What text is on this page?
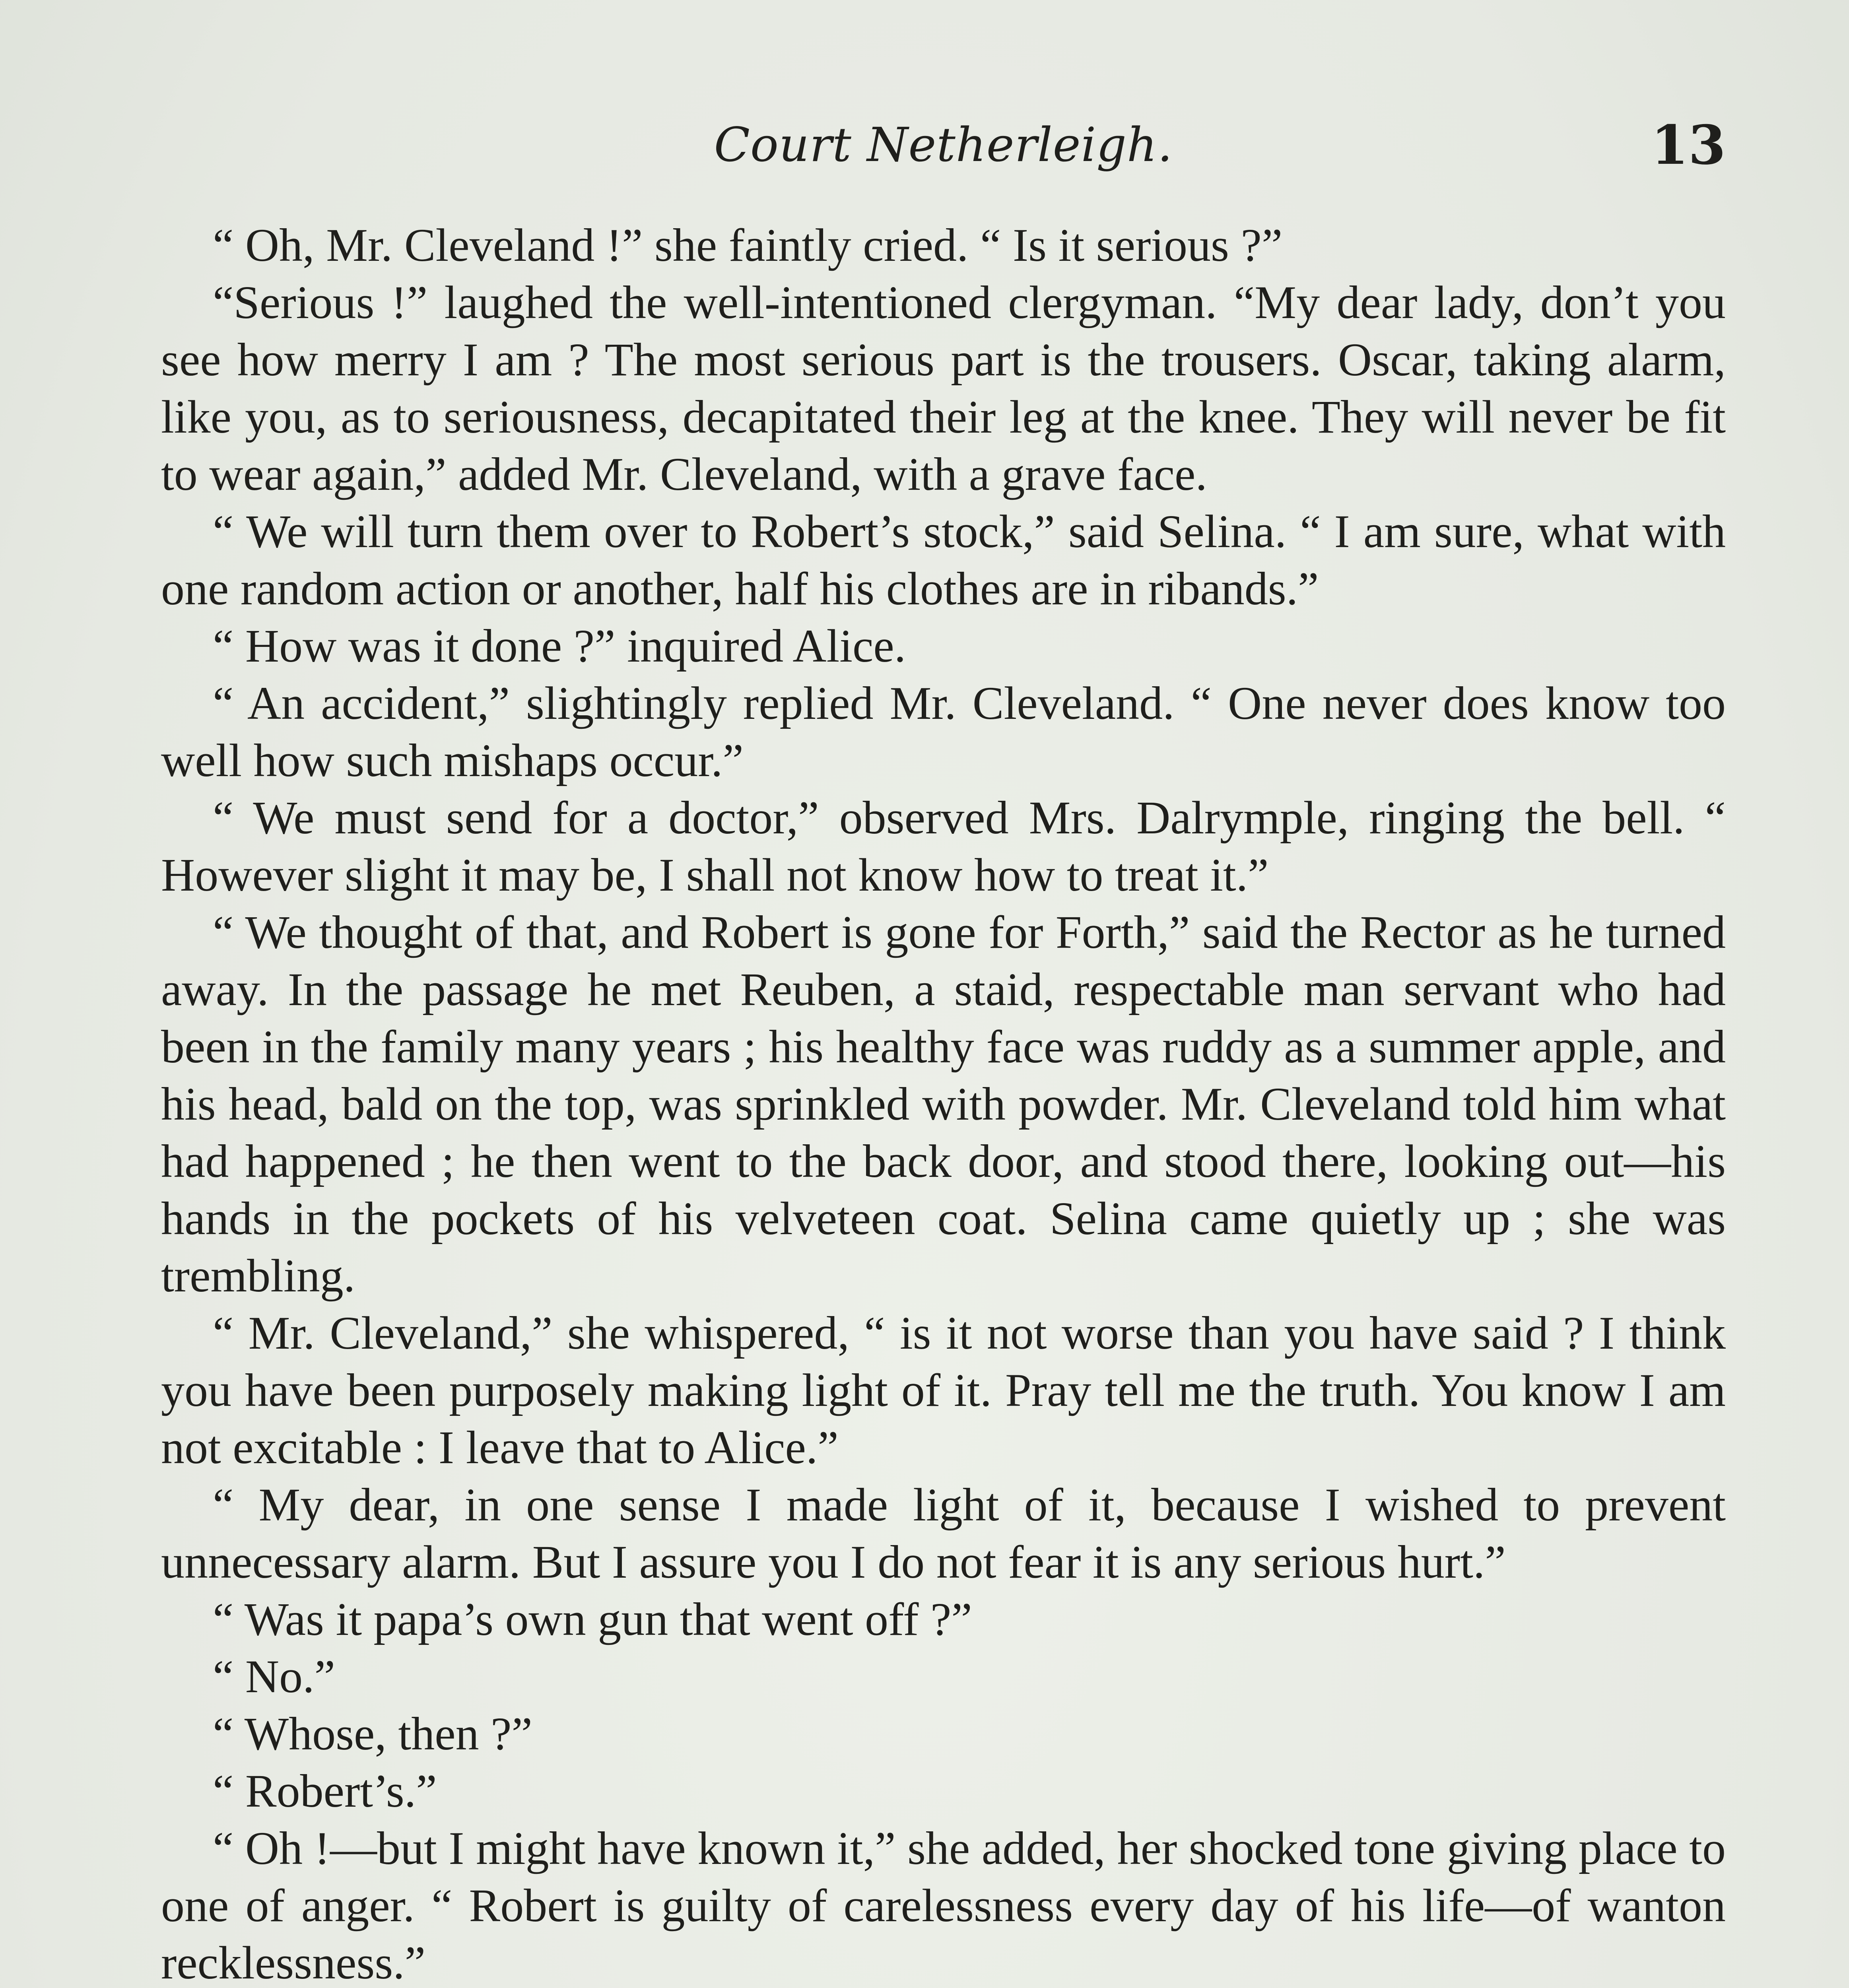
Court Netherleigh.	13

“ Oh, Mr. Cleveland !” she faintly cried. “ Is it serious ?”

“Serious !” laughed the well-intentioned clergyman. “My dear lady, don’t you see how merry I am ? The most serious part is the trousers. Oscar, taking alarm, like you, as to seriousness, decapitated their leg at the knee. They will never be fit to wear again,” added Mr. Cleveland, with a grave face.

“ We will turn them over to Robert’s stock,” said Selina. “ I am sure, what with one random action or another, half his clothes are in ribands.”

“ How was it done ?” inquired Alice.

“ An accident,” slightingly replied Mr. Cleveland. “ One never does know too well how such mishaps occur.”

“ We must send for a doctor,” observed Mrs. Dalrymple, ringing the bell. “ However slight it may be, I shall not know how to treat it.”

“ We thought of that, and Robert is gone for Forth,” said the Rector as he turned away. In the passage he met Reuben, a staid, respectable man servant who had been in the family many years ; his healthy face was ruddy as a summer apple, and his head, bald on the top, was sprinkled with powder. Mr. Cleveland told him what had happened ; he then went to the back door, and stood there, looking out—his hands in the pockets of his velveteen coat. Selina came quietly up ; she was trembling.

“ Mr. Cleveland,” she whispered, “ is it not worse than you have said ? I think you have been purposely making light of it. Pray tell me the truth. You know I am not excitable : I leave that to Alice.”

“ My dear, in one sense I made light of it, because I wished to prevent unnecessary alarm. But I assure you I do not fear it is any serious hurt.”

“ Was it papa’s own gun that went off ?”

“ No.”

“ Whose, then ?”

“ Robert’s.”

“ Oh !—but I might have known it,” she added, her shocked tone giving place to one of anger. “ Robert is guilty of carelessness every day of his life—of wanton recklessness.”
